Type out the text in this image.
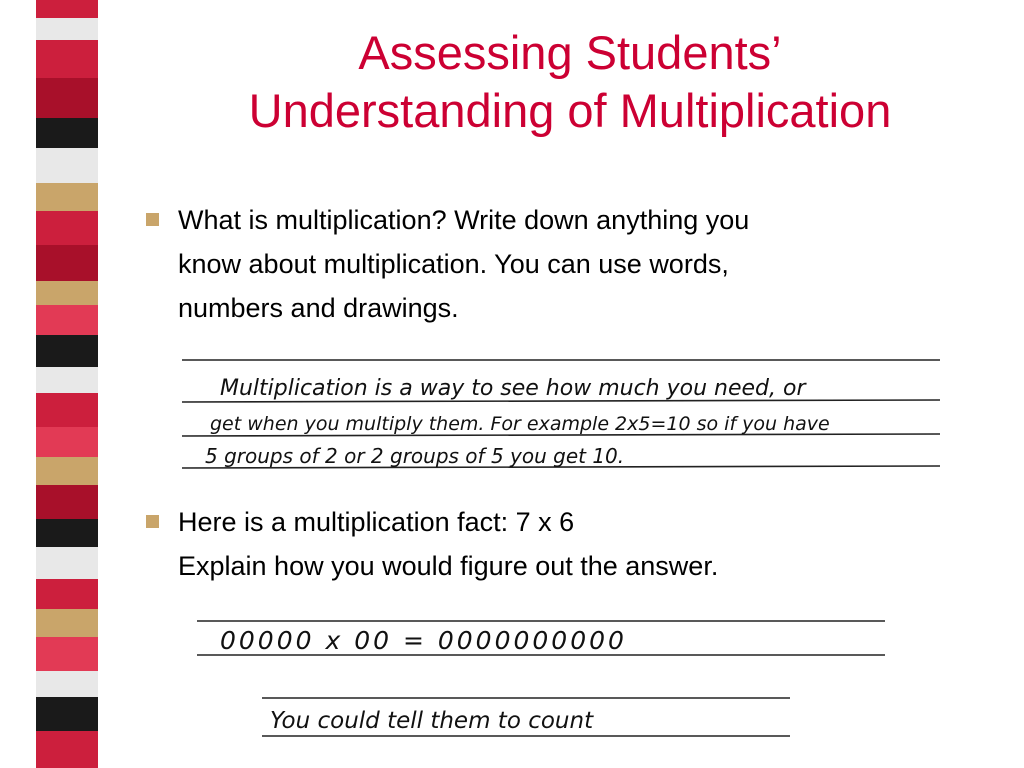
Assessing Students’
Understanding of Multiplication
What is multiplication? Write down anything you
know about multiplication. You can use words,
numbers and drawings.
Multiplication is a way to see how much you need, or
get when you multiply them. For example 2x5=10 so if you have
5 groups of 2 or 2 groups of 5 you get 10.
Here is a multiplication fact: 7 x 6
Explain how you would figure out the answer.
00000 x 00 = 0000000000
You could tell them to count
